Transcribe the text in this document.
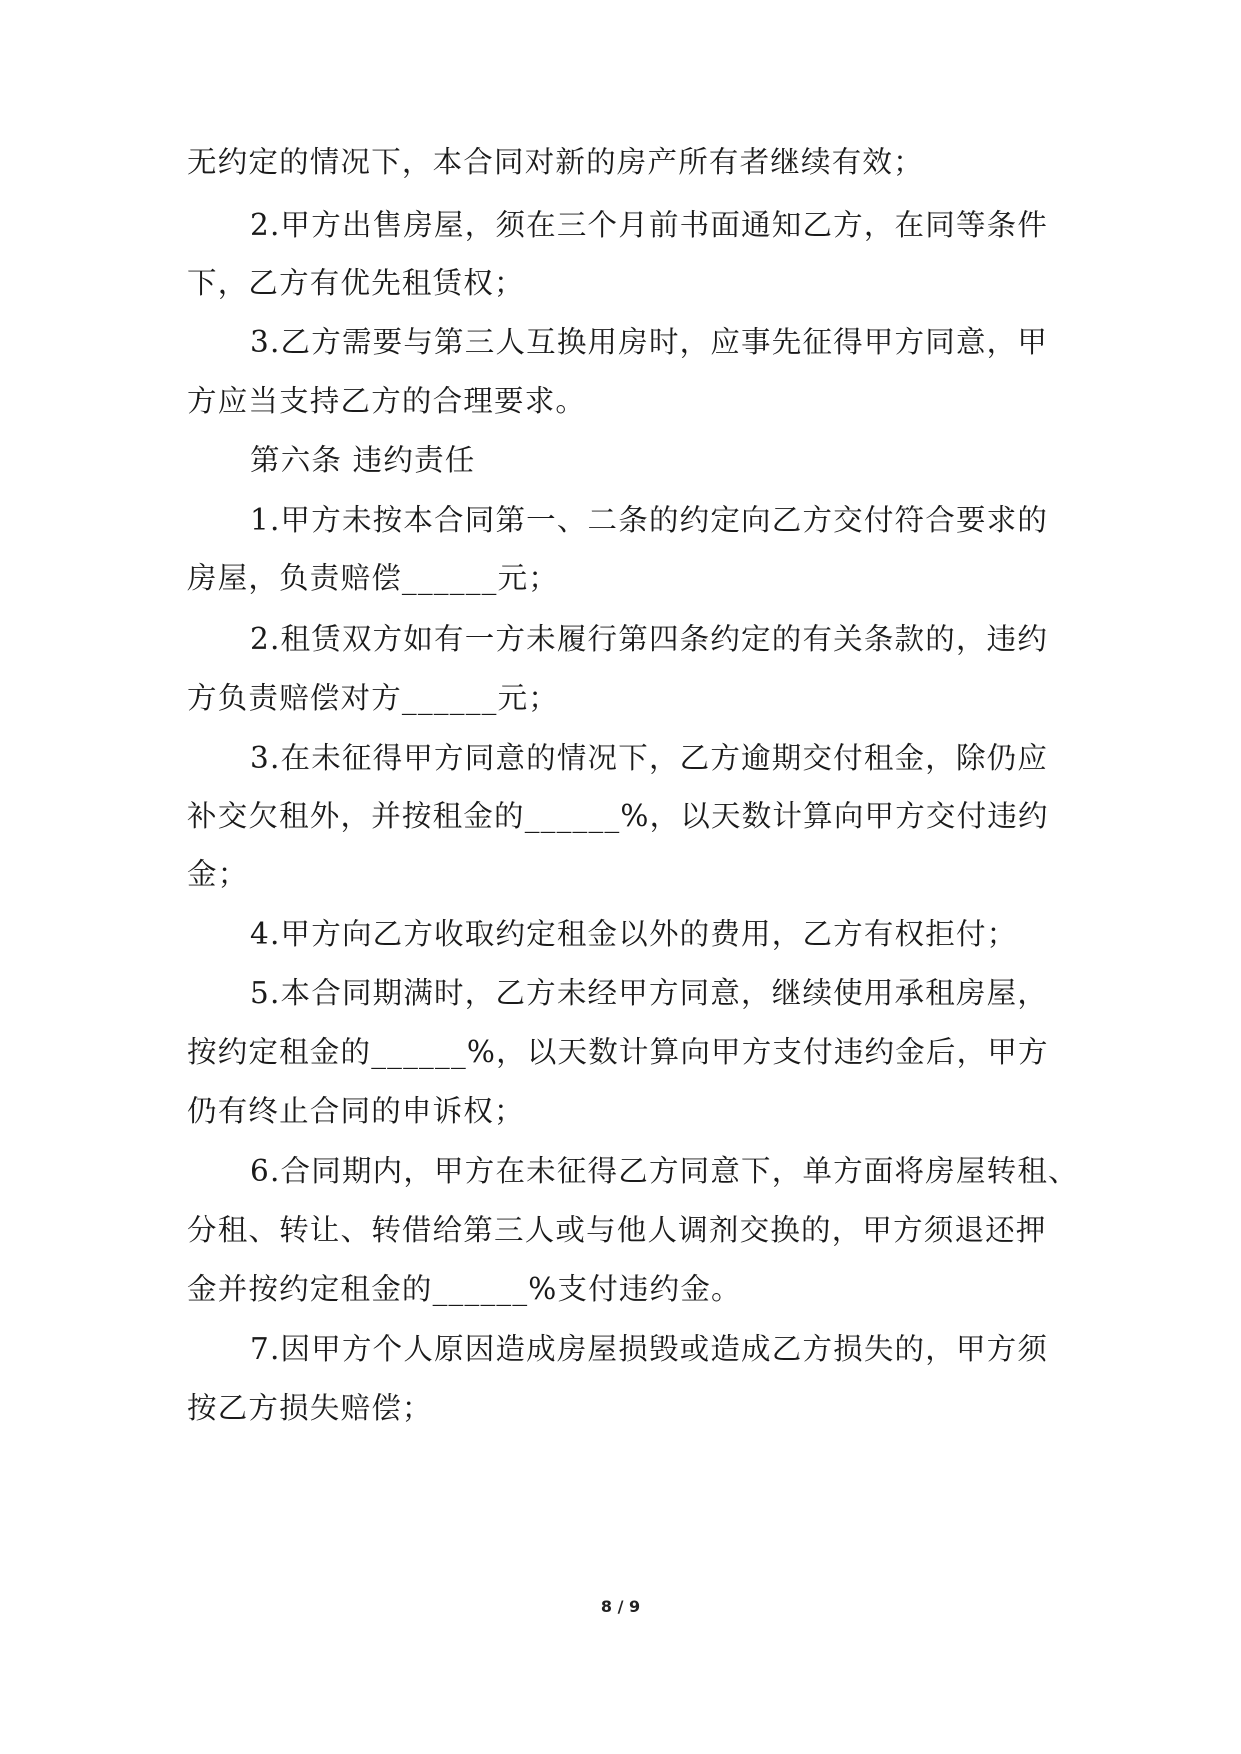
无约定的情况下，本合同对新的房产所有者继续有效；
2.甲方出售房屋，须在三个月前书面通知乙方，在同等条件
下，乙方有优先租赁权；
3.乙方需要与第三人互换用房时，应事先征得甲方同意，甲
方应当支持乙方的合理要求。
第六条 违约责任
1.甲方未按本合同第一、二条的约定向乙方交付符合要求的
房屋，负责赔偿______元；
2.租赁双方如有一方未履行第四条约定的有关条款的，违约
方负责赔偿对方______元；
3.在未征得甲方同意的情况下，乙方逾期交付租金，除仍应
补交欠租外，并按租金的______%，以天数计算向甲方交付违约
金；
4.甲方向乙方收取约定租金以外的费用，乙方有权拒付；
5.本合同期满时，乙方未经甲方同意，继续使用承租房屋，
按约定租金的______%，以天数计算向甲方支付违约金后，甲方
仍有终止合同的申诉权；
6.合同期内，甲方在未征得乙方同意下，单方面将房屋转租、
分租、转让、转借给第三人或与他人调剂交换的，甲方须退还押
金并按约定租金的______%支付违约金。
7.因甲方个人原因造成房屋损毁或造成乙方损失的，甲方须
按乙方损失赔偿；
8 / 9
